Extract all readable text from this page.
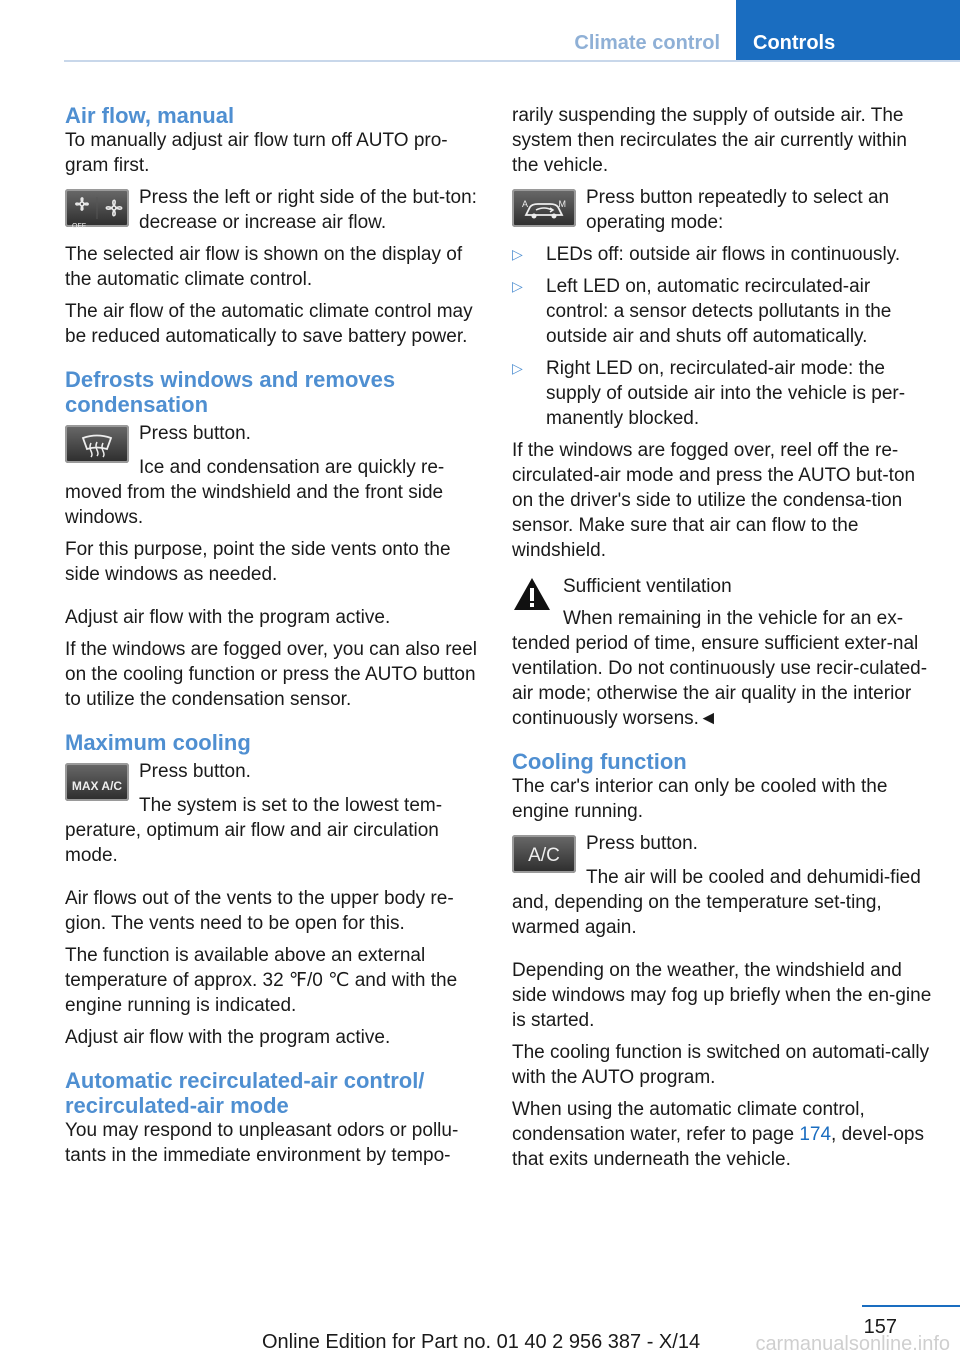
Climate control	Controls
Air flow, manual

To manually adjust air flow turn off AUTO pro‐gram first.

OFF
Press the left or right side of the but‐ton: decrease or increase air flow.

The selected air flow is shown on the display of the automatic climate control.

The air flow of the automatic climate control may be reduced automatically to save battery power.

Defrosts windows and removes condensation
Press button.

Ice and condensation are quickly re‐moved from the windshield and the front side windows.

For this purpose, point the side vents onto the side windows as needed.

Adjust air flow with the program active.

If the windows are fogged over, you can also reel on the cooling function or press the AUTO button to utilize the condensation sensor.

Maximum cooling
MAX A/C
Press button.

The system is set to the lowest tem‐perature, optimum air flow and air circulation mode.

Air flows out of the vents to the upper body re‐gion. The vents need to be open for this.

The function is available above an external temperature of approx. 32 ℉/0 ℃ and with the engine running is indicated.

Adjust air flow with the program active.

Automatic recirculated-air control/ recirculated-air mode

You may respond to unpleasant odors or pollu‐tants in the immediate environment by tempo‐

rarily suspending the supply of outside air. The system then recirculates the air currently within the vehicle.

A	M Press button repeatedly to select an operating mode:
▷ LEDs off: outside air flows in continuously.
▷ Left LED on, automatic recirculated-air control: a sensor detects pollutants in the outside air and shuts off automatically.
▷ Right LED on, recirculated-air mode: the supply of outside air into the vehicle is per‐manently blocked.

If the windows are fogged over, reel off the re‐circulated-air mode and press the AUTO but‐ton on the driver's side to utilize the condensa‐tion sensor. Make sure that air can flow to the windshield.

Sufficient ventilation

When remaining in the vehicle for an ex‐tended period of time, ensure sufficient exter‐nal ventilation. Do not continuously use recir‐culated-air mode; otherwise the air quality in the interior continuously worsens.◄

Cooling function

The car's interior can only be cooled with the engine running.

A/C
Press button.

The air will be cooled and dehumidi‐fied and, depending on the temperature set‐ting, warmed again.

Depending on the weather, the windshield and side windows may fog up briefly when the en‐gine is started.

The cooling function is switched on automati‐cally with the AUTO program.

When using the automatic climate control, condensation water, refer to page 174, devel‐ops that exits underneath the vehicle.

157
Online Edition for Part no. 01 40 2 956 387 - X/14	carmanualsonline.info
